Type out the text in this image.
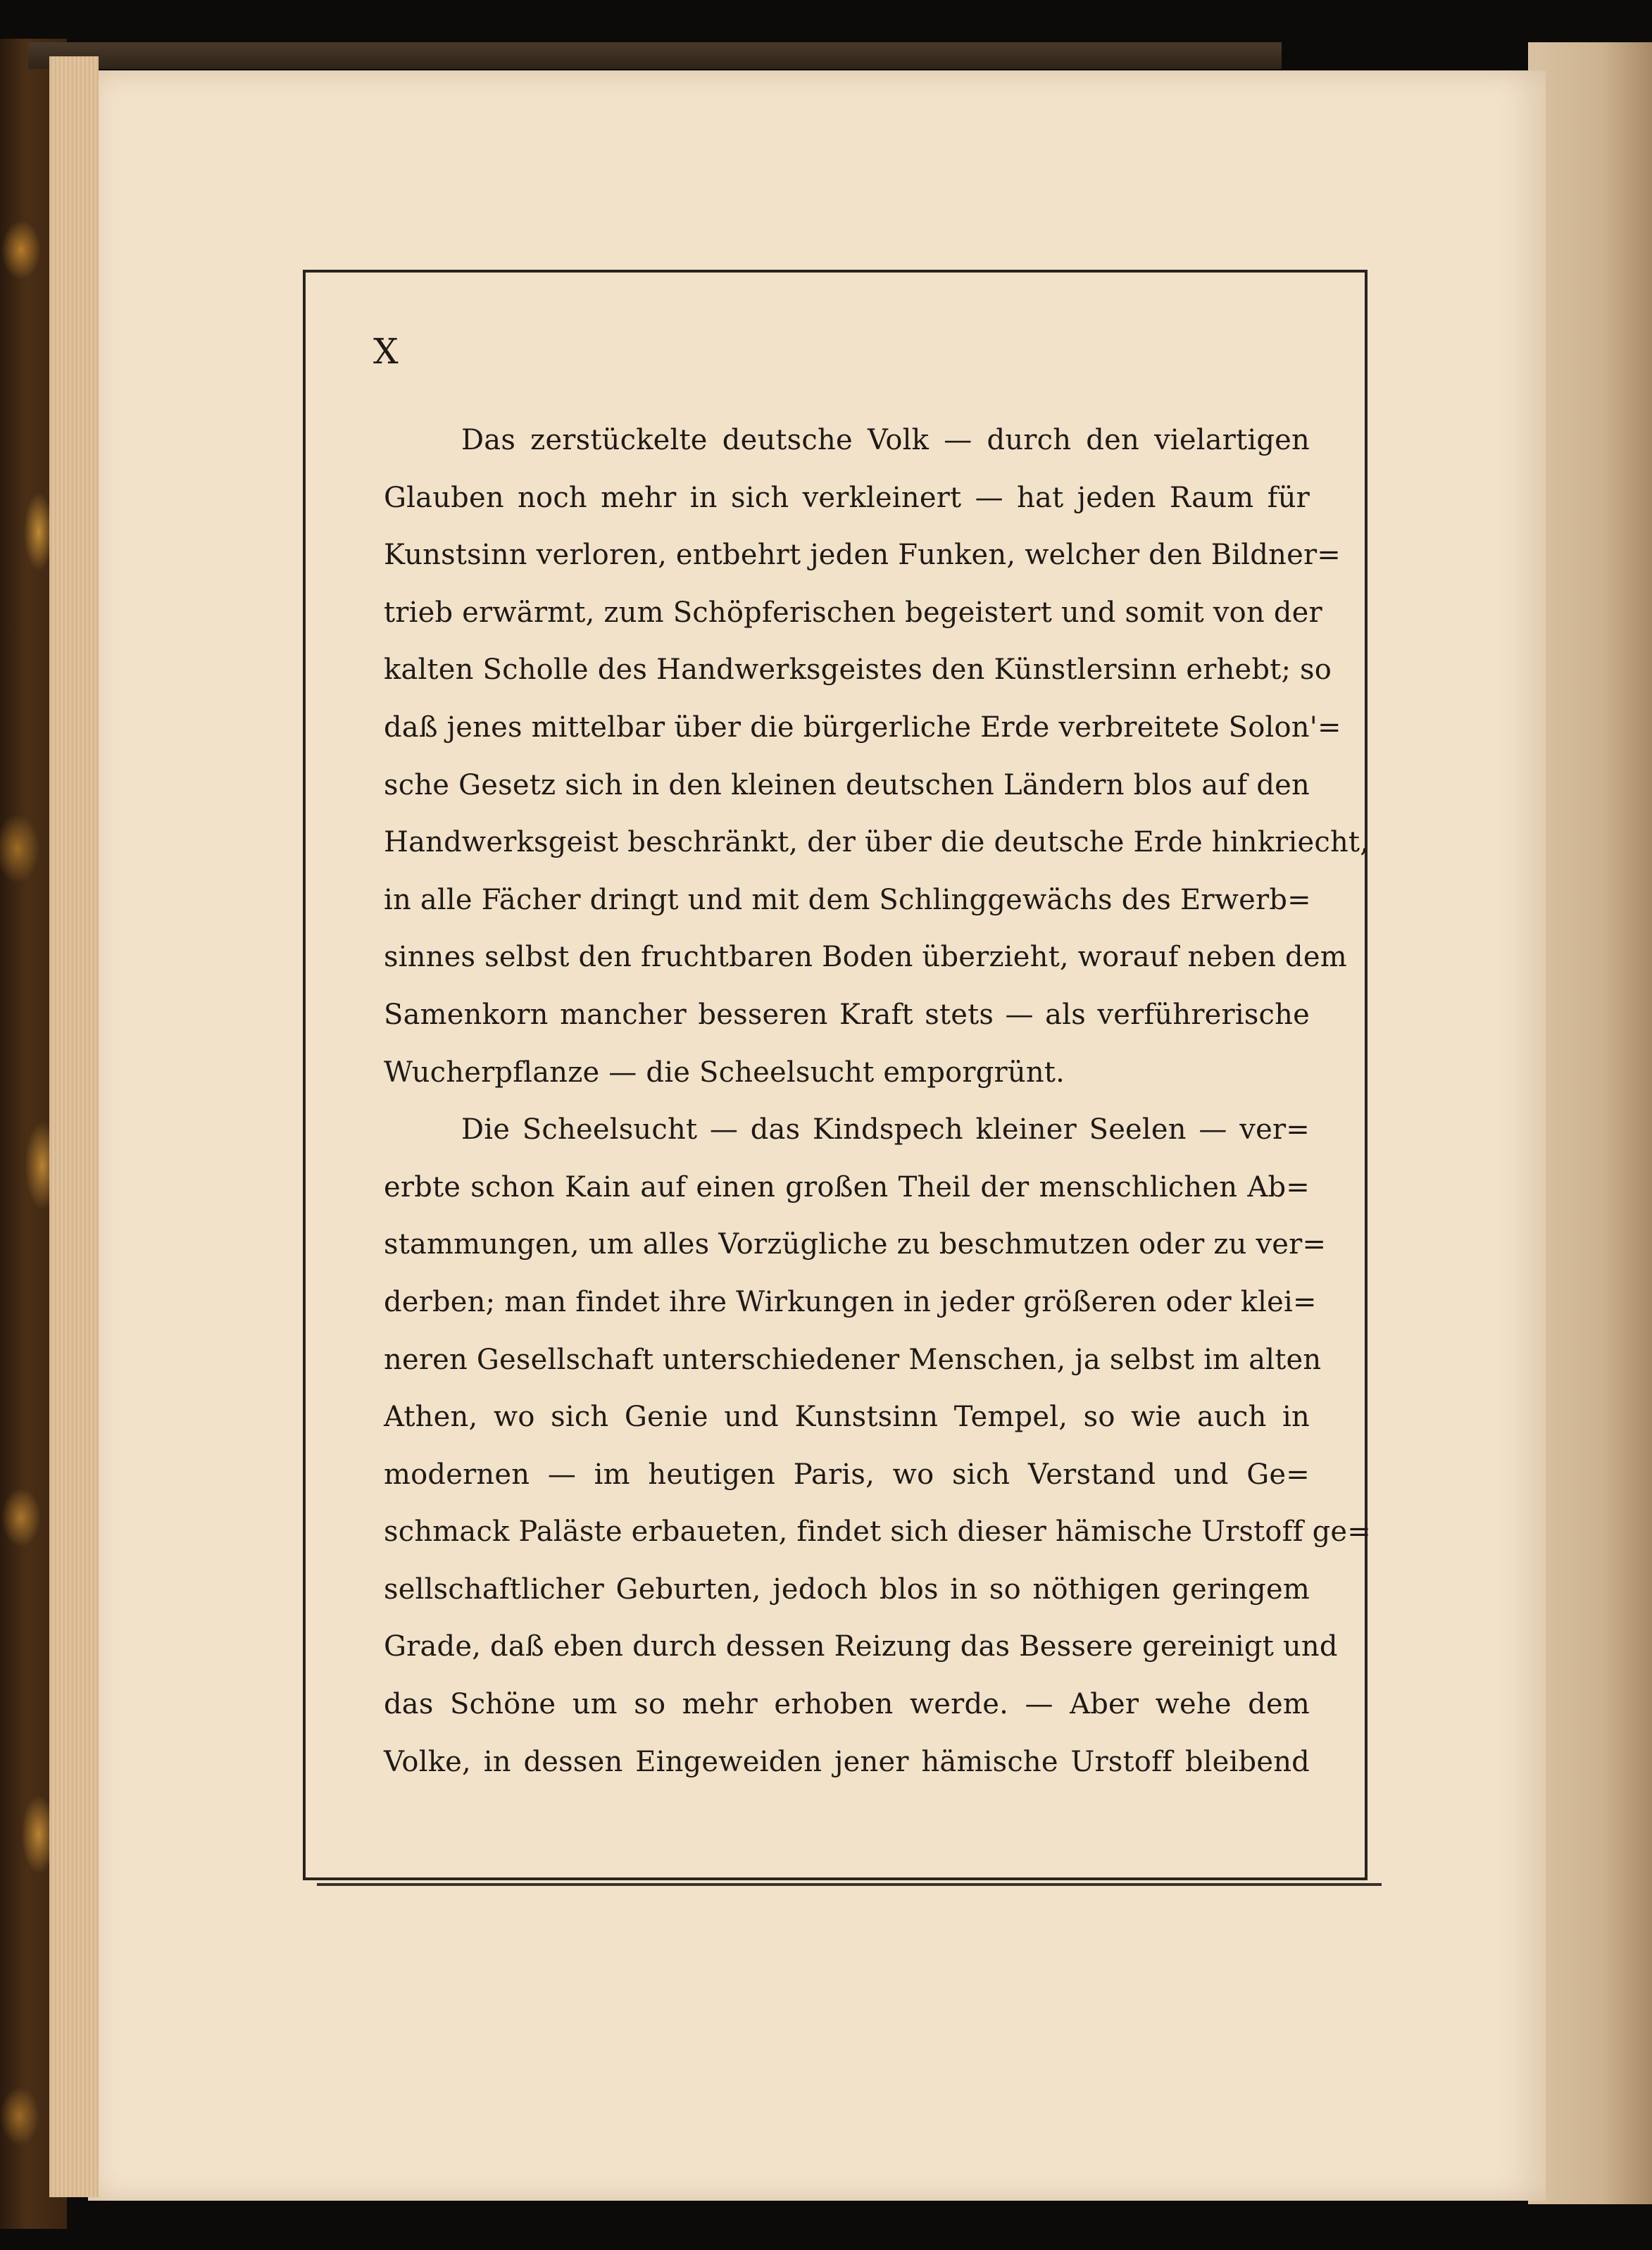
X
Das zerstückelte deutsche Volk — durch den vielartigen
Glauben noch mehr in sich verkleinert — hat jeden Raum für
Kunstsinn verloren, entbehrt jeden Funken, welcher den Bildner=
trieb erwärmt, zum Schöpferischen begeistert und somit von der
kalten Scholle des Handwerksgeistes den Künstlersinn erhebt; so
daß jenes mittelbar über die bürgerliche Erde verbreitete Solon'=
sche Gesetz sich in den kleinen deutschen Ländern blos auf den
Handwerksgeist beschränkt, der über die deutsche Erde hinkriecht,
in alle Fächer dringt und mit dem Schlinggewächs des Erwerb=
sinnes selbst den fruchtbaren Boden überzieht, worauf neben dem
Samenkorn mancher besseren Kraft stets — als verführerische
Wucherpflanze — die Scheelsucht emporgrünt.
Die Scheelsucht — das Kindspech kleiner Seelen — ver=
erbte schon Kain auf einen großen Theil der menschlichen Ab=
stammungen, um alles Vorzügliche zu beschmutzen oder zu ver=
derben; man findet ihre Wirkungen in jeder größeren oder klei=
neren Gesellschaft unterschiedener Menschen, ja selbst im alten
Athen, wo sich Genie und Kunstsinn Tempel, so wie auch in
modernen — im heutigen Paris, wo sich Verstand und Ge=
schmack Paläste erbaueten, findet sich dieser hämische Urstoff ge=
sellschaftlicher Geburten, jedoch blos in so nöthigen geringem
Grade, daß eben durch dessen Reizung das Bessere gereinigt und
das Schöne um so mehr erhoben werde. — Aber wehe dem
Volke, in dessen Eingeweiden jener hämische Urstoff bleibend
